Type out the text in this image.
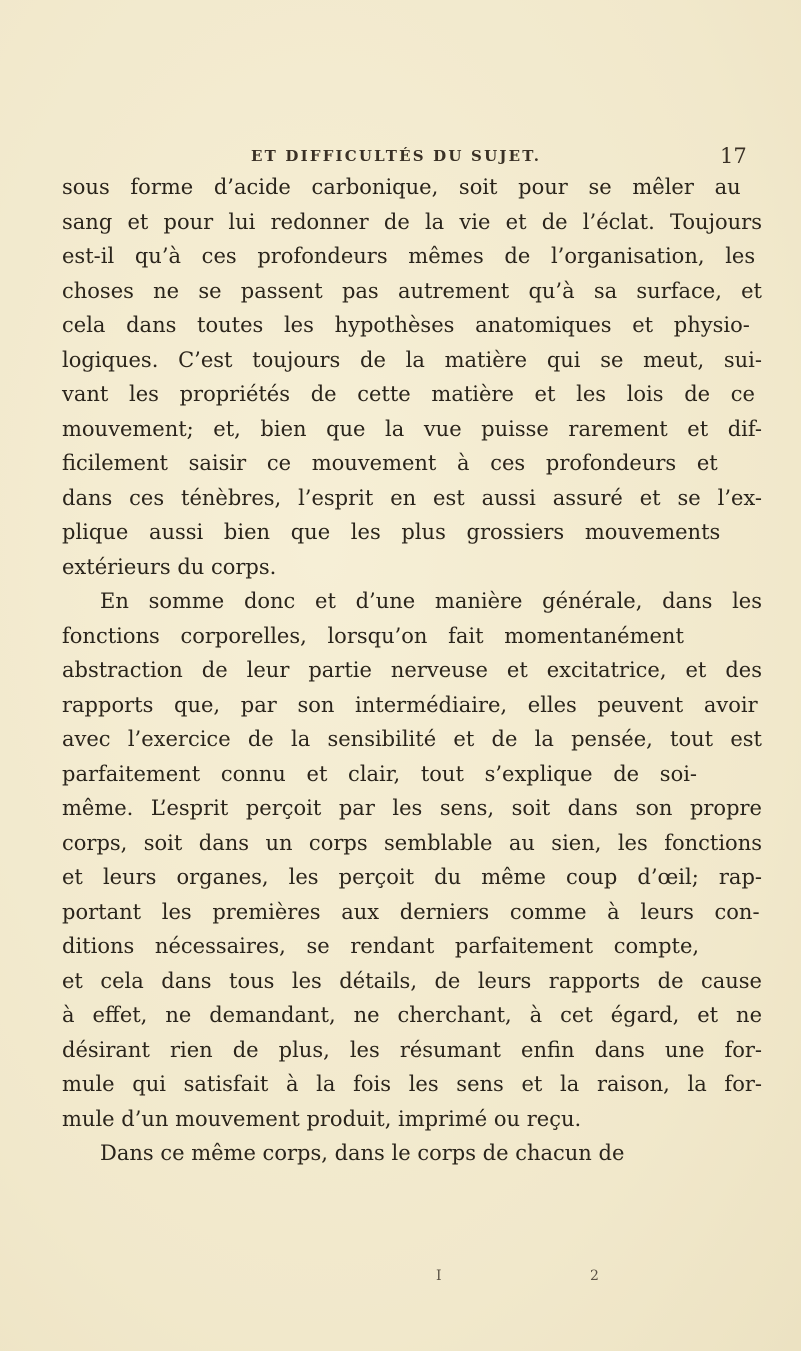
ET DIFFICULTÉS DU SUJET.	17
sous forme d’acide carbonique, soit pour se mêler au
sang et pour lui redonner de la vie et de l’éclat. Toujours
est-il qu’à ces profondeurs mêmes de l’organisation, les
choses ne se passent pas autrement qu’à sa surface, et
cela dans toutes les hypothèses anatomiques et physio-
logiques. C’est toujours de la matière qui se meut, sui-
vant les propriétés de cette matière et les lois de ce
mouvement; et, bien que la vue puisse rarement et dif-
ficilement saisir ce mouvement à ces profondeurs et
dans ces ténèbres, l’esprit en est aussi assuré et se l’ex-
plique aussi bien que les plus grossiers mouvements
extérieurs du corps.
En somme donc et d’une manière générale, dans les
fonctions corporelles, lorsqu’on fait momentanément
abstraction de leur partie nerveuse et excitatrice, et des
rapports que, par son intermédiaire, elles peuvent avoir
avec l’exercice de la sensibilité et de la pensée, tout est
parfaitement connu et clair, tout s’explique de soi-
même. L’esprit perçoit par les sens, soit dans son propre
corps, soit dans un corps semblable au sien, les fonctions
et leurs organes, les perçoit du même coup d’œil; rap-
portant les premières aux derniers comme à leurs con-
ditions nécessaires, se rendant parfaitement compte,
et cela dans tous les détails, de leurs rapports de cause
à effet, ne demandant, ne cherchant, à cet égard, et ne
désirant rien de plus, les résumant enfin dans une for-
mule qui satisfait à la fois les sens et la raison, la for-
mule d’un mouvement produit, imprimé ou reçu.
Dans ce même corps, dans le corps de chacun de
I	2
